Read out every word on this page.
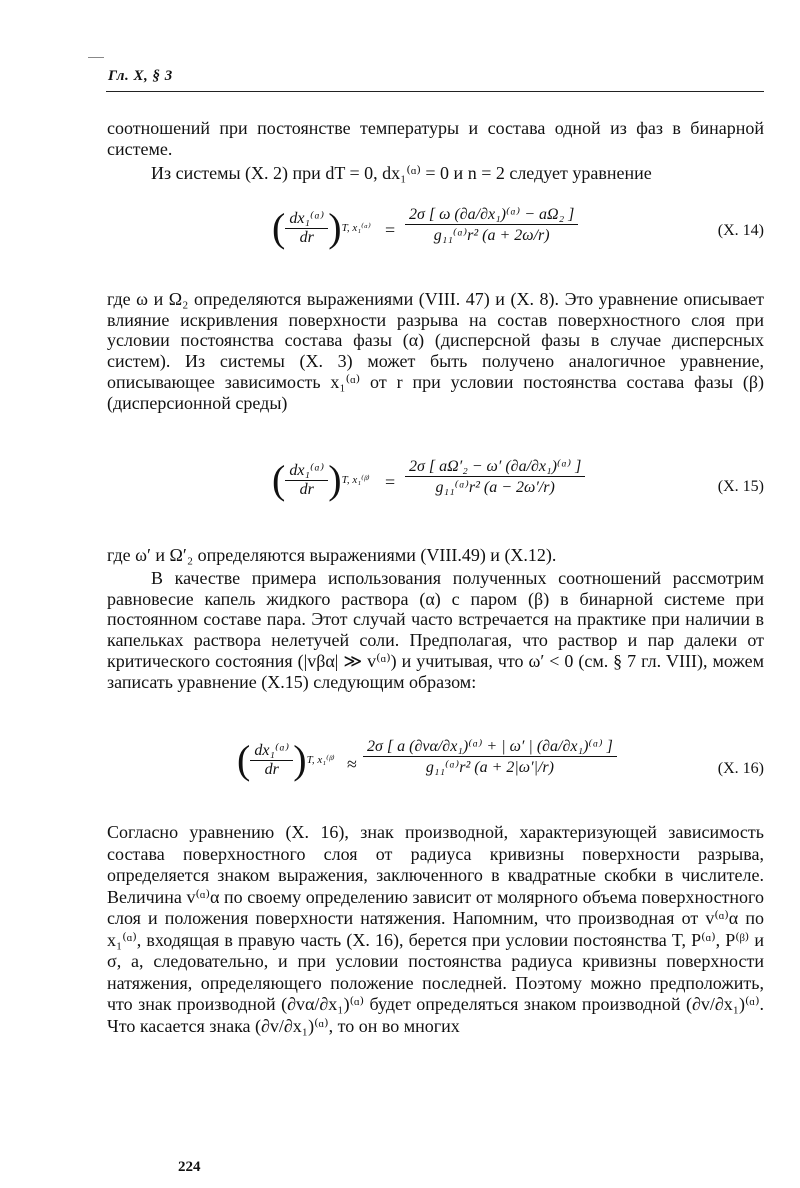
Гл. X, § 3

соотношений при постоянстве температуры и состава одной из фаз в бинарной системе.

Из системы (X. 2) при dT = 0, dx₁⁽ᵅ⁾ = 0 и n = 2 следует уравнение

( $\frac{\text{dx₁⁽ᵅ⁾}}{dr} )T$, x₁⁽ᵅ⁾ = $\frac{\text{2σ [ ω (∂a/∂x₁)⁽ᵅ⁾ − aΩ₂ ]}}{\text{g₁₁⁽ᵅ⁾r² (a + 2ω/r)}}$	(X. 14)

где ω и Ω₂ определяются выражениями (VIII. 47) и (X. 8). Это уравнение описывает влияние искривления поверхности разрыва на состав поверхностного слоя при условии постоянства состава фазы (α) (дисперсной фазы в случае дисперсных систем). Из системы (X. 3) может быть получено аналогичное уравнение, описывающее зависимость x₁⁽ᵅ⁾ от r при условии постоянства состава фазы (β) (дисперсионной среды)

( $\frac{\text{dx₁⁽ᵅ⁾}}{dr} )T$, x₁⁽ᵝ⁾ = $\frac{\text{2σ [ aΩ′₂ − ω′ (∂a/∂x₁)⁽ᵅ⁾ ]}}{\text{g₁₁⁽ᵅ⁾r² (a − 2ω′/r)}}$	(X. 15)

где ω′ и Ω′₂ определяются выражениями (VIII.49) и (X.12).

В качестве примера использования полученных соотношений рассмотрим равновесие капель жидкого раствора (α) с паром (β) в бинарной системе при постоянном составе пара. Этот случай часто встречается на практике при наличии в капельках раствора нелетучей соли. Предполагая, что раствор и пар далеки от критического состояния (|vβα| ≫ v⁽ᵅ⁾) и учитывая, что ω′ < 0 (см. § 7 гл. VIII), можем записать уравнение (X.15) следующим образом:

( $\frac{\text{dx₁⁽ᵅ⁾}}{dr} )T$, x₁⁽ᵝ⁾ ≈ $\frac{\text{2σ [ a (∂vα/∂x₁)⁽ᵅ⁾ + | ω′ | (∂a/∂x₁)⁽ᵅ⁾ ]}}{\text{g₁₁⁽ᵅ⁾r² (a + 2|ω′|/r)}}$	(X. 16)

Согласно уравнению (X. 16), знак производной, характеризующей зависимость состава поверхностного слоя от радиуса кривизны поверхности разрыва, определяется знаком выражения, заключенного в квадратные скобки в числителе. Величина v⁽ᵅ⁾α по своему определению зависит от молярного объема поверхностного слоя и положения поверхности натяжения. Напомним, что производная от v⁽ᵅ⁾α по x₁⁽ᵅ⁾, входящая в правую часть (X. 16), берется при условии постоянства T, P⁽ᵅ⁾, P⁽ᵝ⁾ и σ, а, следовательно, и при условии постоянства радиуса кривизны поверхности натяжения, определяющего положение последней. Поэтому можно предположить, что знак производной (∂vα/∂x₁)⁽ᵅ⁾ будет определяться знаком производной (∂v/∂x₁)⁽ᵅ⁾. Что касается знака (∂v/∂x₁)⁽ᵅ⁾, то он во многих

224
